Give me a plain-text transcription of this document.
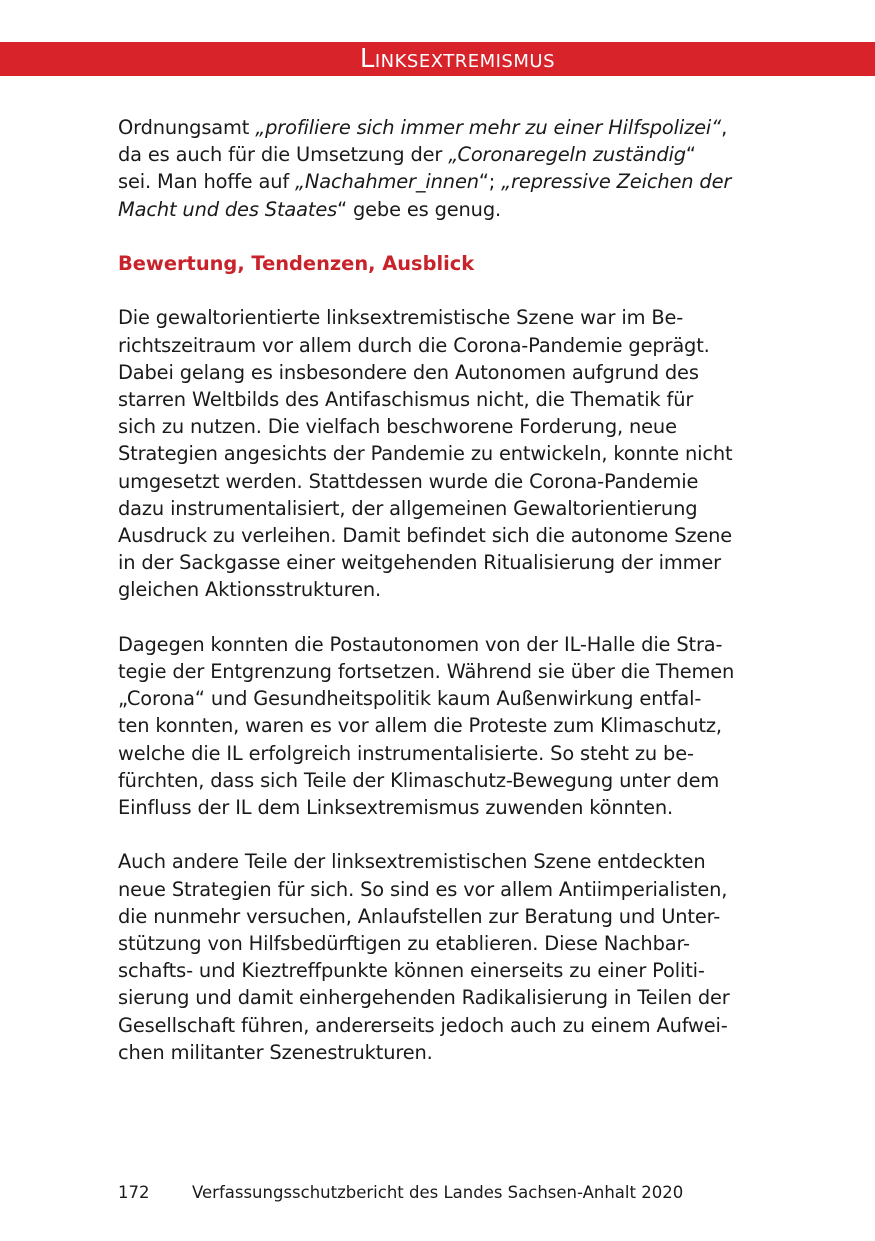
Linksextremismus

Ordnungsamt „profiliere sich immer mehr zu einer Hilfspolizei“,
da es auch für die Umsetzung der „Coronaregeln zuständig“
sei. Man hoffe auf „Nachahmer_innen“; „repressive Zeichen der
Macht und des Staates“ gebe es genug.

Bewertung, Tendenzen, Ausblick

Die gewaltorientierte linksextremistische Szene war im Be-
richtszeitraum vor allem durch die Corona-Pandemie geprägt.
Dabei gelang es insbesondere den Autonomen aufgrund des
starren Weltbilds des Antifaschismus nicht, die Thematik für
sich zu nutzen. Die vielfach beschworene Forderung, neue
Strategien angesichts der Pandemie zu entwickeln, konnte nicht
umgesetzt werden. Stattdessen wurde die Corona-Pandemie
dazu instrumentalisiert, der allgemeinen Gewaltorientierung
Ausdruck zu verleihen. Damit befindet sich die autonome Szene
in der Sackgasse einer weitgehenden Ritualisierung der immer
gleichen Aktionsstrukturen.

Dagegen konnten die Postautonomen von der IL-Halle die Stra-
tegie der Entgrenzung fortsetzen. Während sie über die Themen
„Corona“ und Gesundheitspolitik kaum Außenwirkung entfal-
ten konnten, waren es vor allem die Proteste zum Klimaschutz,
welche die IL erfolgreich instrumentalisierte. So steht zu be-
fürchten, dass sich Teile der Klimaschutz-Bewegung unter dem
Einfluss der IL dem Linksextremismus zuwenden könnten.

Auch andere Teile der linksextremistischen Szene entdeckten
neue Strategien für sich. So sind es vor allem Antiimperialisten,
die nunmehr versuchen, Anlaufstellen zur Beratung und Unter-
stützung von Hilfsbedürftigen zu etablieren. Diese Nachbar-
schafts- und Kieztreffpunkte können einerseits zu einer Politi-
sierung und damit einhergehenden Radikalisierung in Teilen der
Gesellschaft führen, andererseits jedoch auch zu einem Aufwei-
chen militanter Szenestrukturen.

172	Verfassungsschutzbericht des Landes Sachsen-Anhalt 2020
